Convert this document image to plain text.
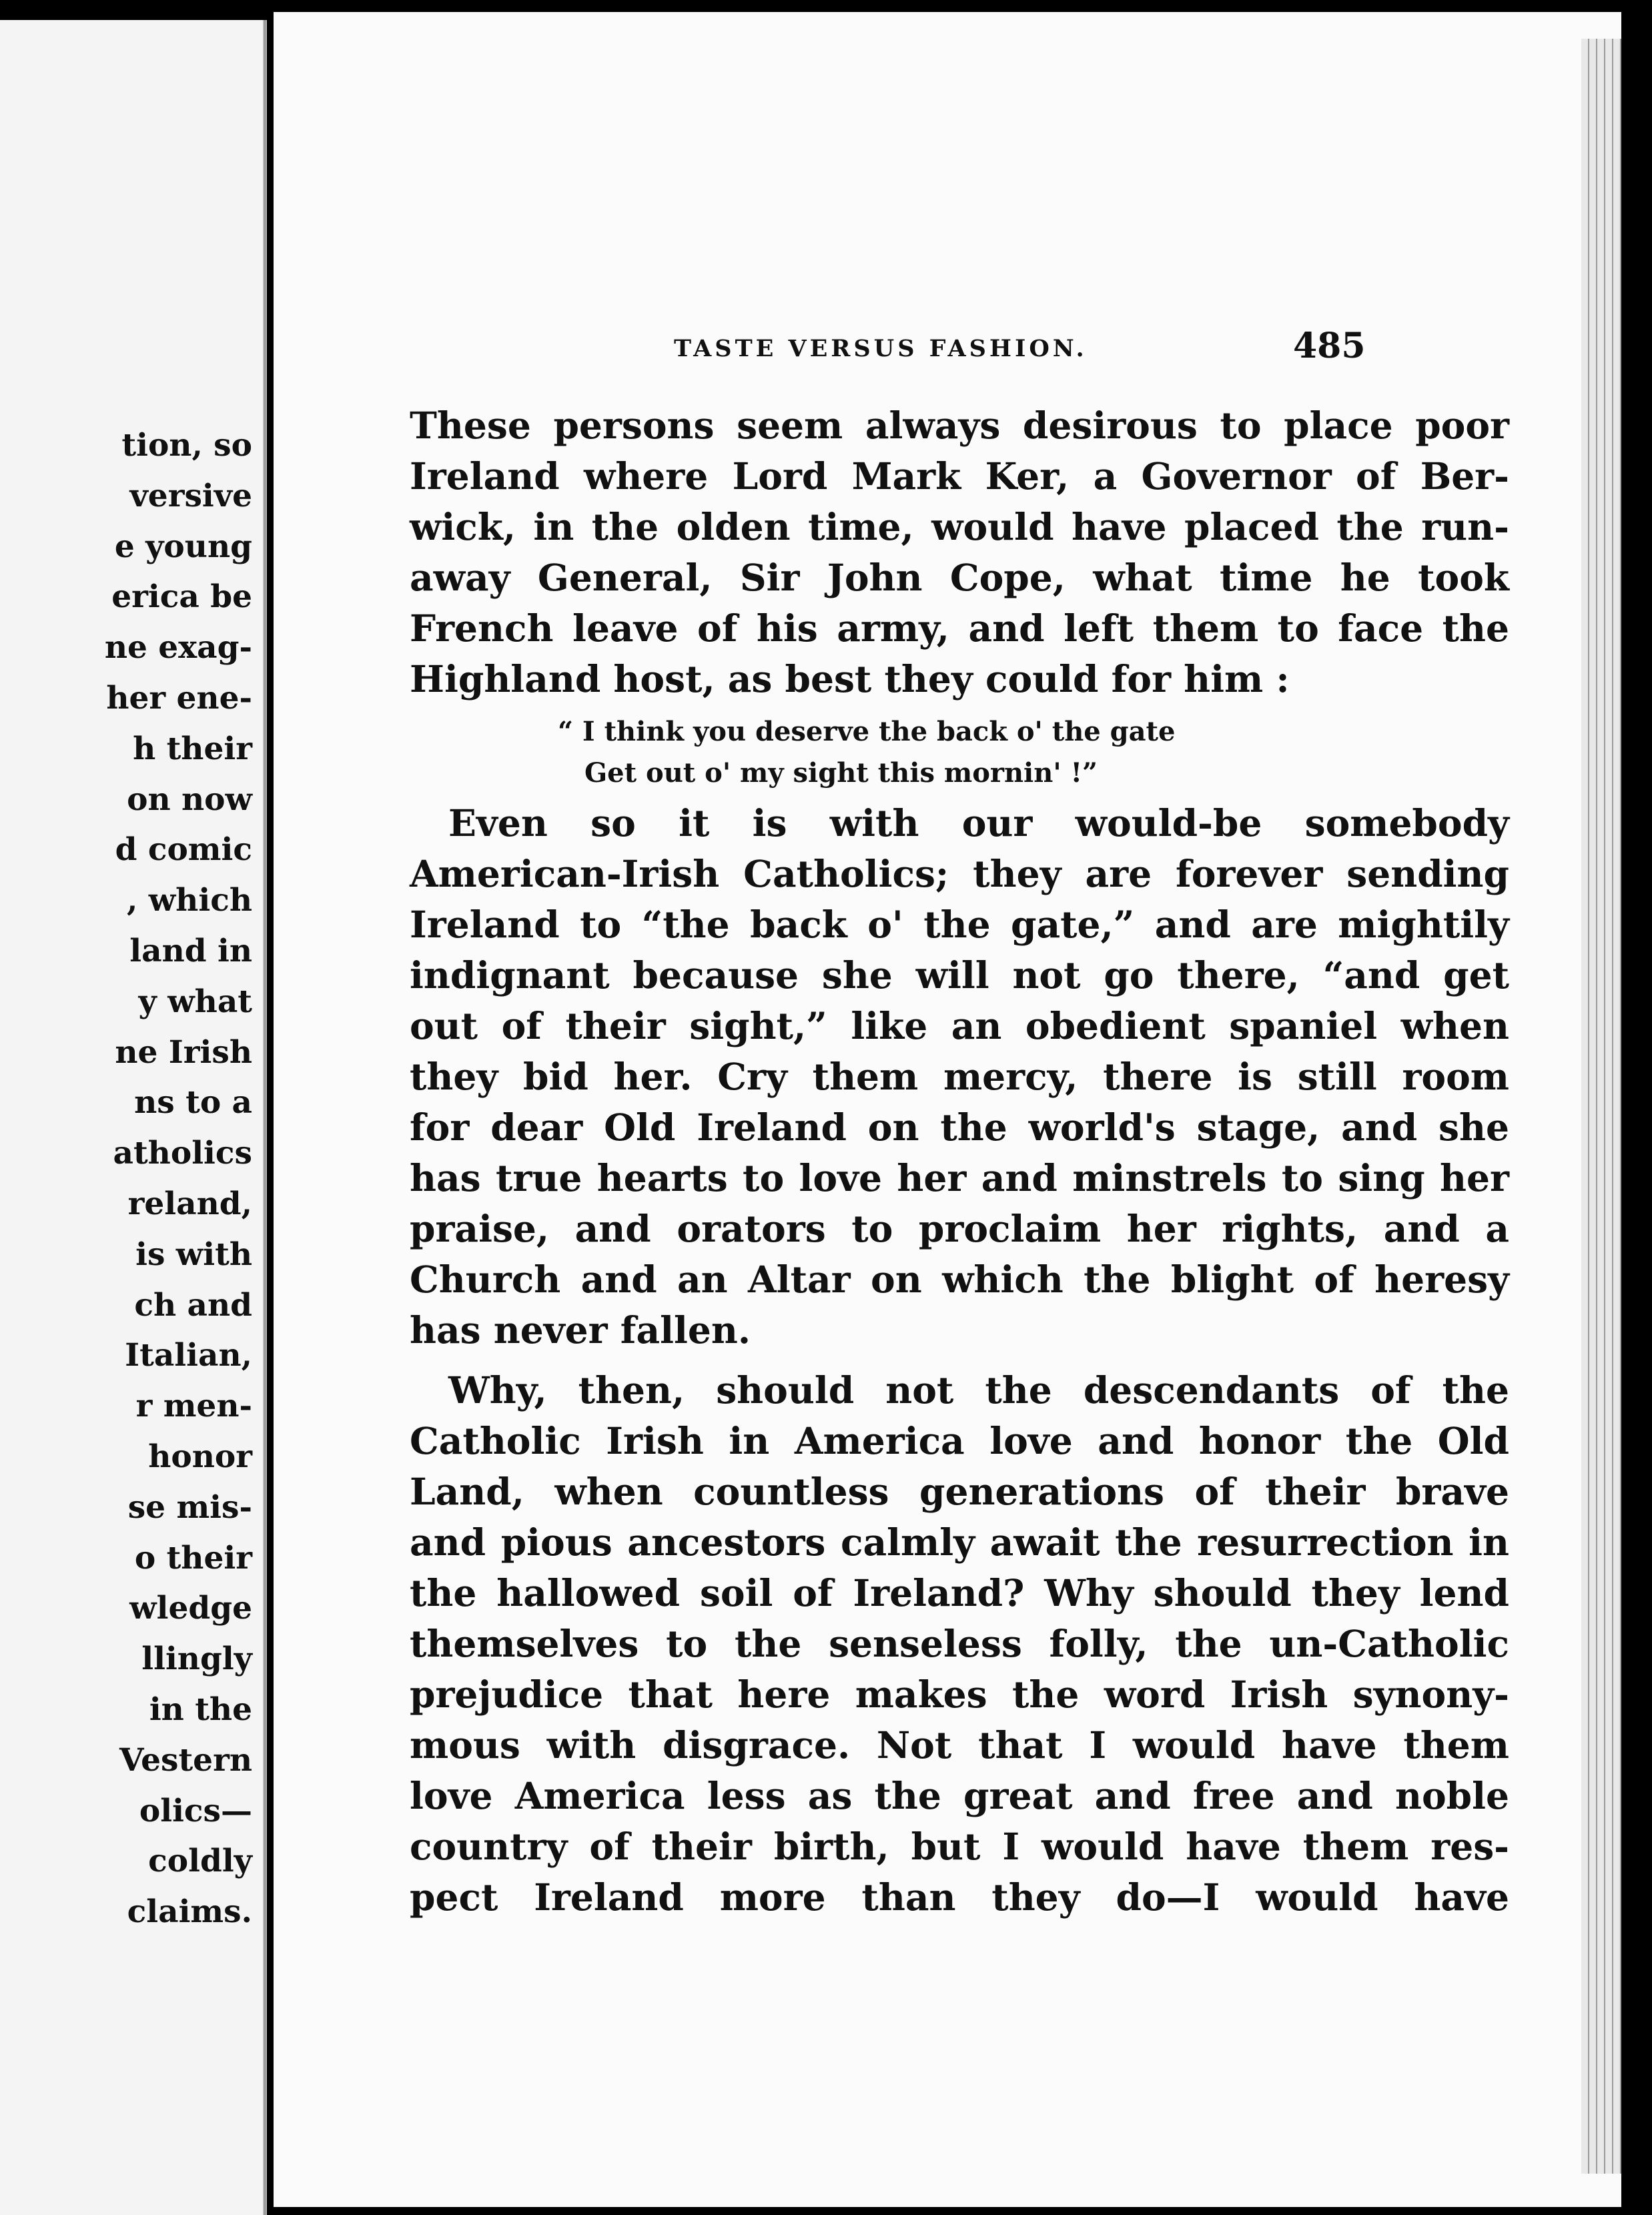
tion, so
versive
e young
erica be
ne exag-
her ene-
h their
on now
d comic
, which
land in
y what
ne Irish
ns to a
atholics
reland,
is with
ch and
Italian,
r men-
honor
se mis-
o their
wledge
llingly
in the
Vestern
olics—
coldly
claims.
TASTE VERSUS FASHION.	485
These persons seem always desirous to place poor
Ireland where Lord Mark Ker, a Governor of Ber-
wick, in the olden time, would have placed the run-
away General, Sir John Cope, what time he took
French leave of his army, and left them to face the
Highland host, as best they could for him :
“ I think you deserve the back o' the gate
Get out o' my sight this mornin' !”
Even so it is with our would-be somebody
American-Irish Catholics; they are forever sending
Ireland to “the back o' the gate,” and are mightily
indignant because she will not go there, “and get
out of their sight,” like an obedient spaniel when
they bid her. Cry them mercy, there is still room
for dear Old Ireland on the world's stage, and she
has true hearts to love her and minstrels to sing her
praise, and orators to proclaim her rights, and a
Church and an Altar on which the blight of heresy
has never fallen.
Why, then, should not the descendants of the
Catholic Irish in America love and honor the Old
Land, when countless generations of their brave
and pious ancestors calmly await the resurrection in
the hallowed soil of Ireland? Why should they lend
themselves to the senseless folly, the un-Catholic
prejudice that here makes the word Irish synony-
mous with disgrace. Not that I would have them
love America less as the great and free and noble
country of their birth, but I would have them res-
pect Ireland more than they do—I would have
